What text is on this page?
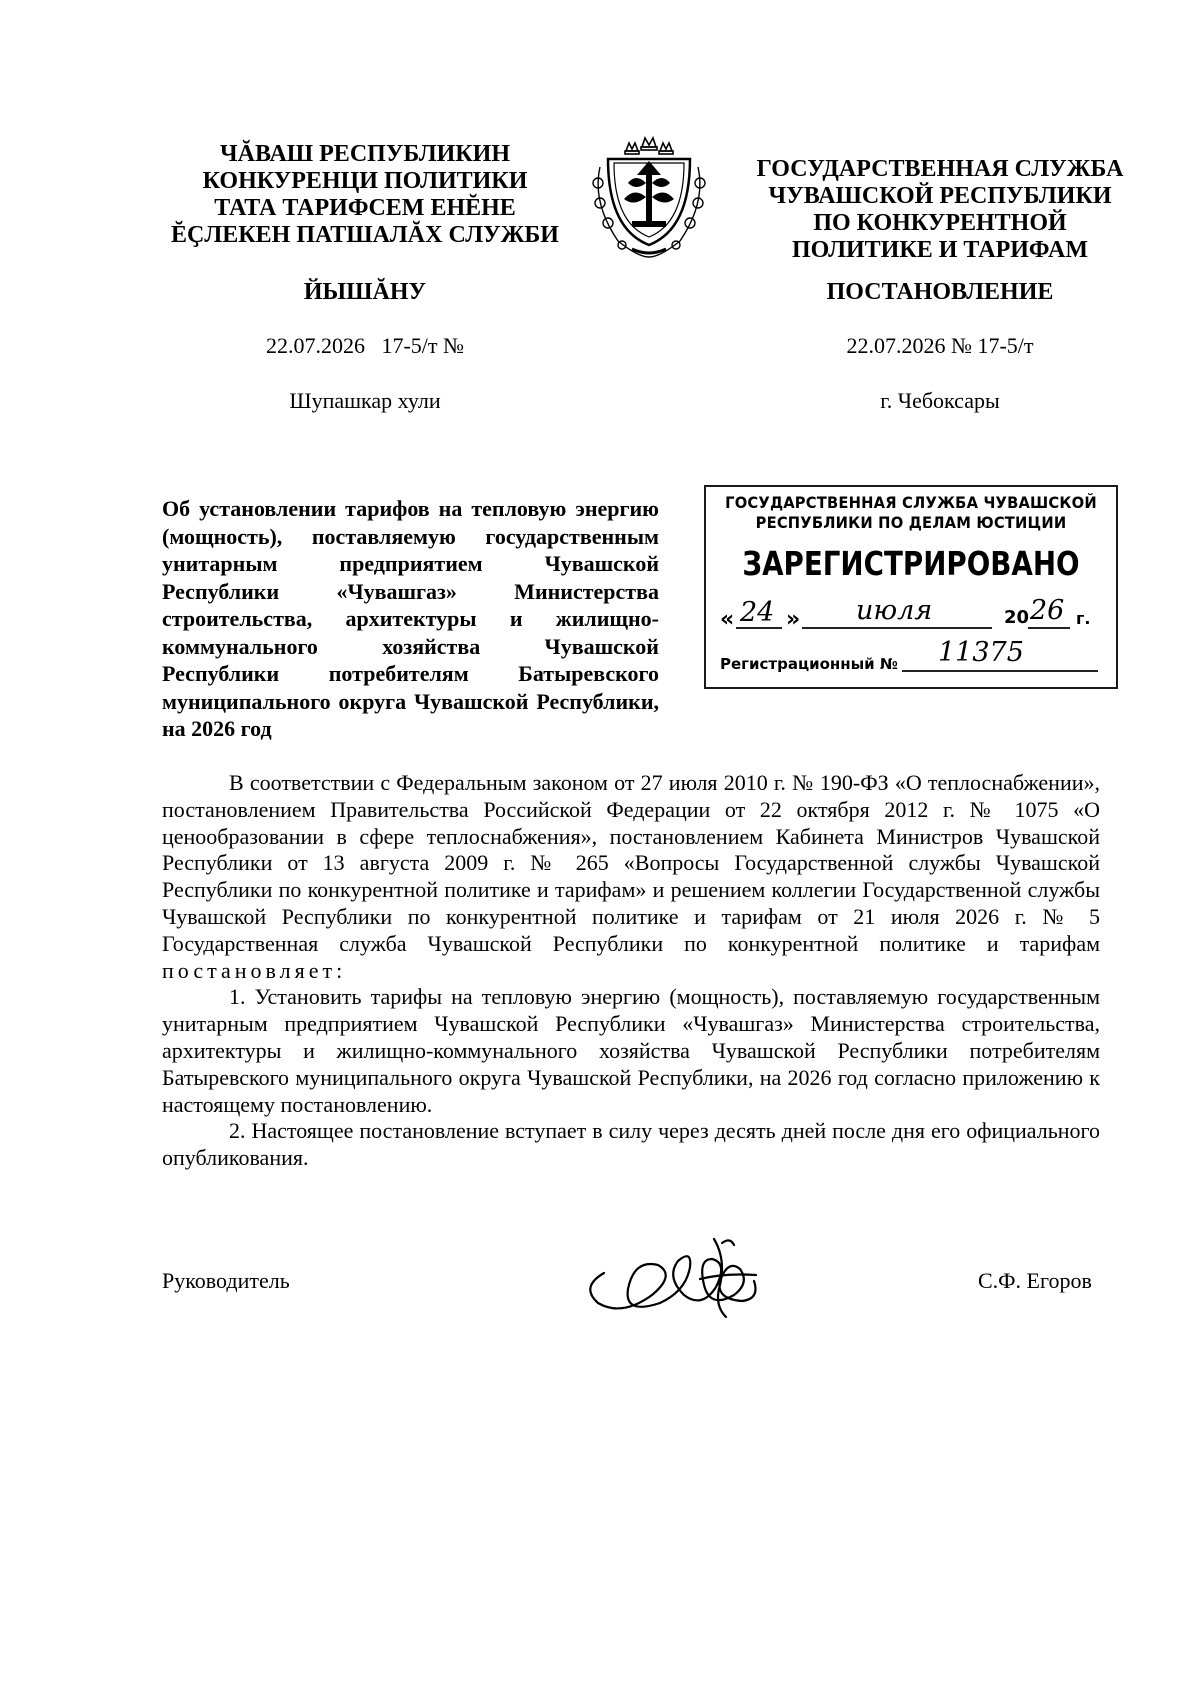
ЧĂВАШ РЕСПУБЛИКИН
КОНКУРЕНЦИ ПОЛИТИКИ
ТАТА ТАРИФСЕМ ЕНĔНЕ
ĔҪЛЕКЕН ПАТШАЛĂХ СЛУЖБИ
ГОСУДАРСТВЕННАЯ СЛУЖБА
ЧУВАШСКОЙ РЕСПУБЛИКИ
ПО КОНКУРЕНТНОЙ
ПОЛИТИКЕ И ТАРИФАМ
ЙЫШĂНУ	ПОСТАНОВЛЕНИЕ
22.07.2026   17-5/т №	22.07.2026 № 17-5/т
Шупашкар хули	г. Чебоксары
Об установлении тарифов на тепловую энергию (мощность), поставляемую государственным унитарным предприятием Чувашской Республики «Чувашгаз» Министерства строительства, архитектуры и жилищно-коммунального хозяйства Чувашской Республики потребителям Батыревского муниципального округа Чувашской Республики, на 2026 год
ГОСУДАРСТВЕННАЯ СЛУЖБА ЧУВАШСКОЙ
РЕСПУБЛИКИ ПО ДЕЛАМ ЮСТИЦИИ
ЗАРЕГИСТРИРОВАНО
« 24 » июля	20 26 г.
Регистрационный № 11375

В соответствии с Федеральным законом от 27 июля 2010 г. № 190-ФЗ «О теплоснабжении», постановлением Правительства Российской Федерации от 22 октября 2012 г. № 1075 «О ценообразовании в сфере теплоснабжения», постановлением Кабинета Министров Чувашской Республики от 13 августа 2009 г. № 265 «Вопросы Государственной службы Чувашской Республики по конкурентной политике и тарифам» и решением коллегии Государственной службы Чувашской Республики по конкурентной политике и тарифам от 21 июля 2026 г. № 5 Государственная служба Чувашской Республики по конкурентной политике и тарифам постановляет:

1. Установить тарифы на тепловую энергию (мощность), поставляемую государственным унитарным предприятием Чувашской Республики «Чувашгаз» Министерства строительства, архитектуры и жилищно-коммунального хозяйства Чувашской Республики потребителям Батыревского муниципального округа Чувашской Республики, на 2026 год согласно приложению к настоящему постановлению.

2. Настоящее постановление вступает в силу через десять дней после дня его официального опубликования.

Руководитель	С.Ф. Егоров
